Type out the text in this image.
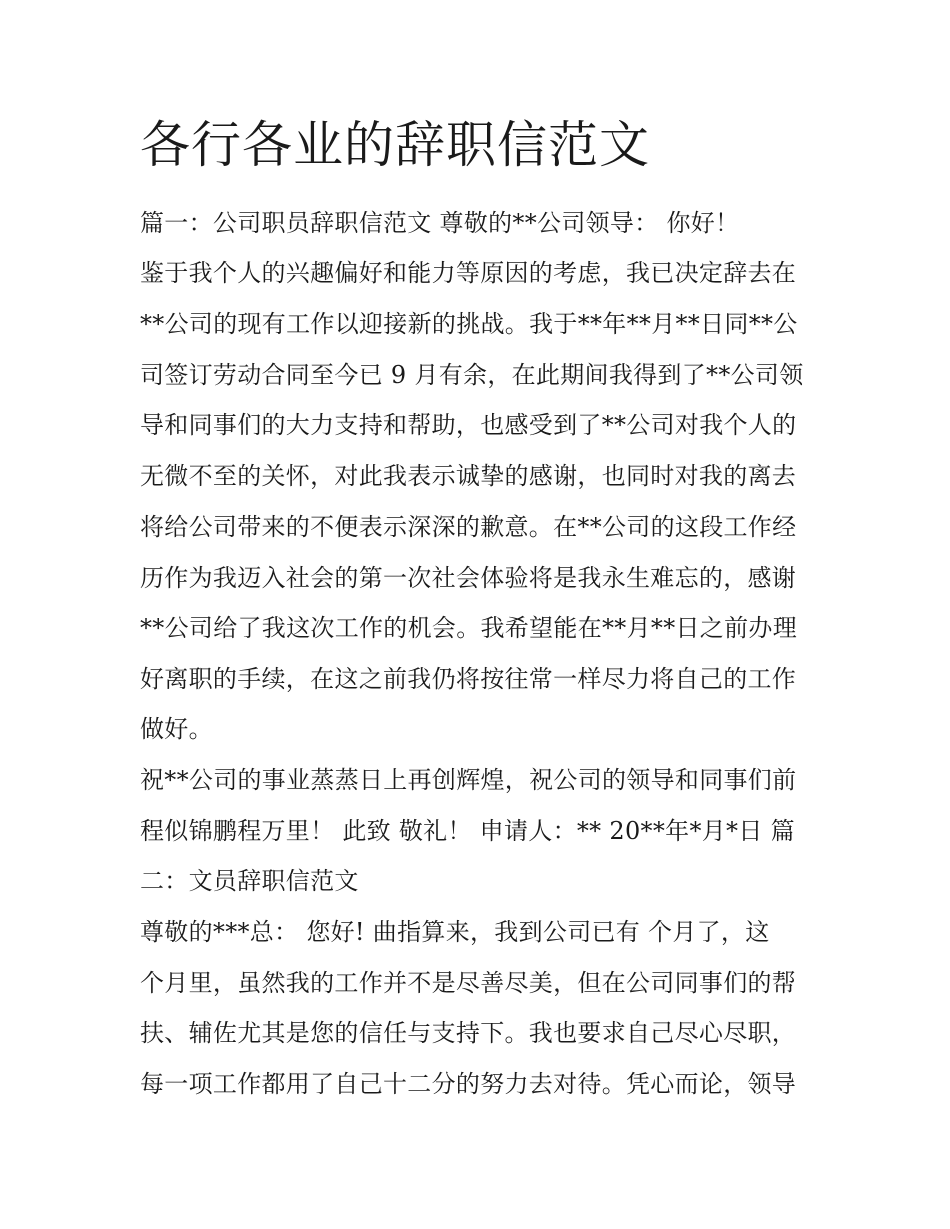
各行各业的辞职信范文
篇一：公司职员辞职信范文 尊敬的**公司领导： 你好！
鉴于我个人的兴趣偏好和能力等原因的考虑，我已决定辞去在
**公司的现有工作以迎接新的挑战。我于**年**月**日同**公
司签订劳动合同至今已 9 月有余，在此期间我得到了**公司领
导和同事们的大力支持和帮助，也感受到了**公司对我个人的
无微不至的关怀，对此我表示诚挚的感谢，也同时对我的离去
将给公司带来的不便表示深深的歉意。在**公司的这段工作经
历作为我迈入社会的第一次社会体验将是我永生难忘的，感谢
**公司给了我这次工作的机会。我希望能在**月**日之前办理
好离职的手续，在这之前我仍将按往常一样尽力将自己的工作
做好。
祝**公司的事业蒸蒸日上再创辉煌，祝公司的领导和同事们前
程似锦鹏程万里！ 此致 敬礼！ 申请人：** 20**年*月*日 篇
二：文员辞职信范文
尊敬的***总： 您好! 曲指算来，我到公司已有 个月了，这
个月里，虽然我的工作并不是尽善尽美，但在公司同事们的帮
扶、辅佐尤其是您的信任与支持下。我也要求自己尽心尽职，
每一项工作都用了自己十二分的努力去对待。凭心而论，领导
